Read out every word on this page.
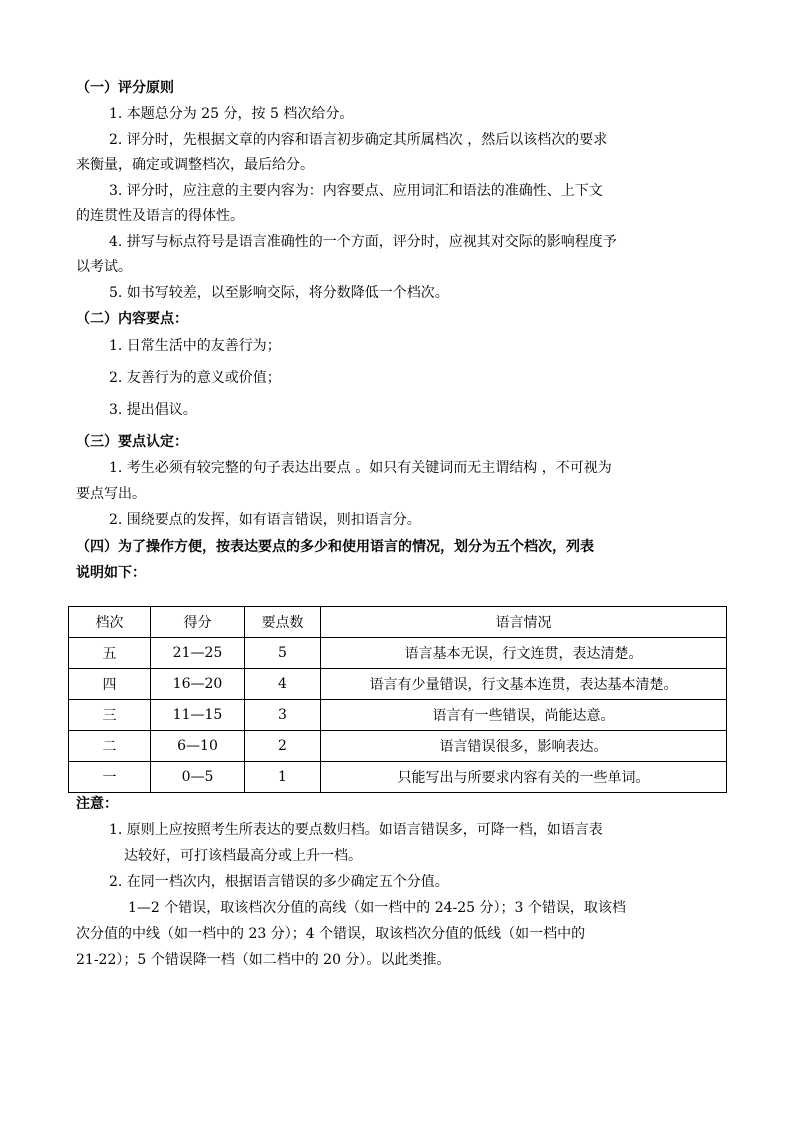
（一）评分原则
1. 本题总分为 25 分，按 5 档次给分。
2. 评分时，先根据文章的内容和语言初步确定其所属档次 ，然后以该档次的要求
来衡量，确定或调整档次，最后给分。
3. 评分时，应注意的主要内容为：内容要点、应用词汇和语法的准确性、上下文
的连贯性及语言的得体性。
4. 拼写与标点符号是语言准确性的一个方面，评分时，应视其对交际的影响程度予
以考试。
5. 如书写较差，以至影响交际，将分数降低一个档次。
（二）内容要点：
1. 日常生活中的友善行为；
2. 友善行为的意义或价值；
3. 提出倡议。
（三）要点认定：
1. 考生必须有较完整的句子表达出要点 。如只有关键词而无主谓结构 ，不可视为
要点写出。
2. 围绕要点的发挥，如有语言错误，则扣语言分。
（四）为了操作方便，按表达要点的多少和使用语言的情况，划分为五个档次，列表
说明如下：
档次	得分	要点数	语言情况
五	21—25	5	语言基本无误，行文连贯，表达清楚。
四	16—20	4	语言有少量错误，行文基本连贯，表达基本清楚。
三	11—15	3	语言有一些错误，尚能达意。
二	6—10	2	语言错误很多，影响表达。
一	0—5	1	只能写出与所要求内容有关的一些单词。
注意：
1. 原则上应按照考生所表达的要点数归档。如语言错误多，可降一档，如语言表
达较好，可打该档最高分或上升一档。
2. 在同一档次内，根据语言错误的多少确定五个分值。
1—2 个错误，取该档次分值的高线（如一档中的 24-25 分）；3 个错误，取该档
次分值的中线（如一档中的 23 分）；4 个错误，取该档次分值的低线（如一档中的
21-22）；5 个错误降一档（如二档中的 20 分）。以此类推。
